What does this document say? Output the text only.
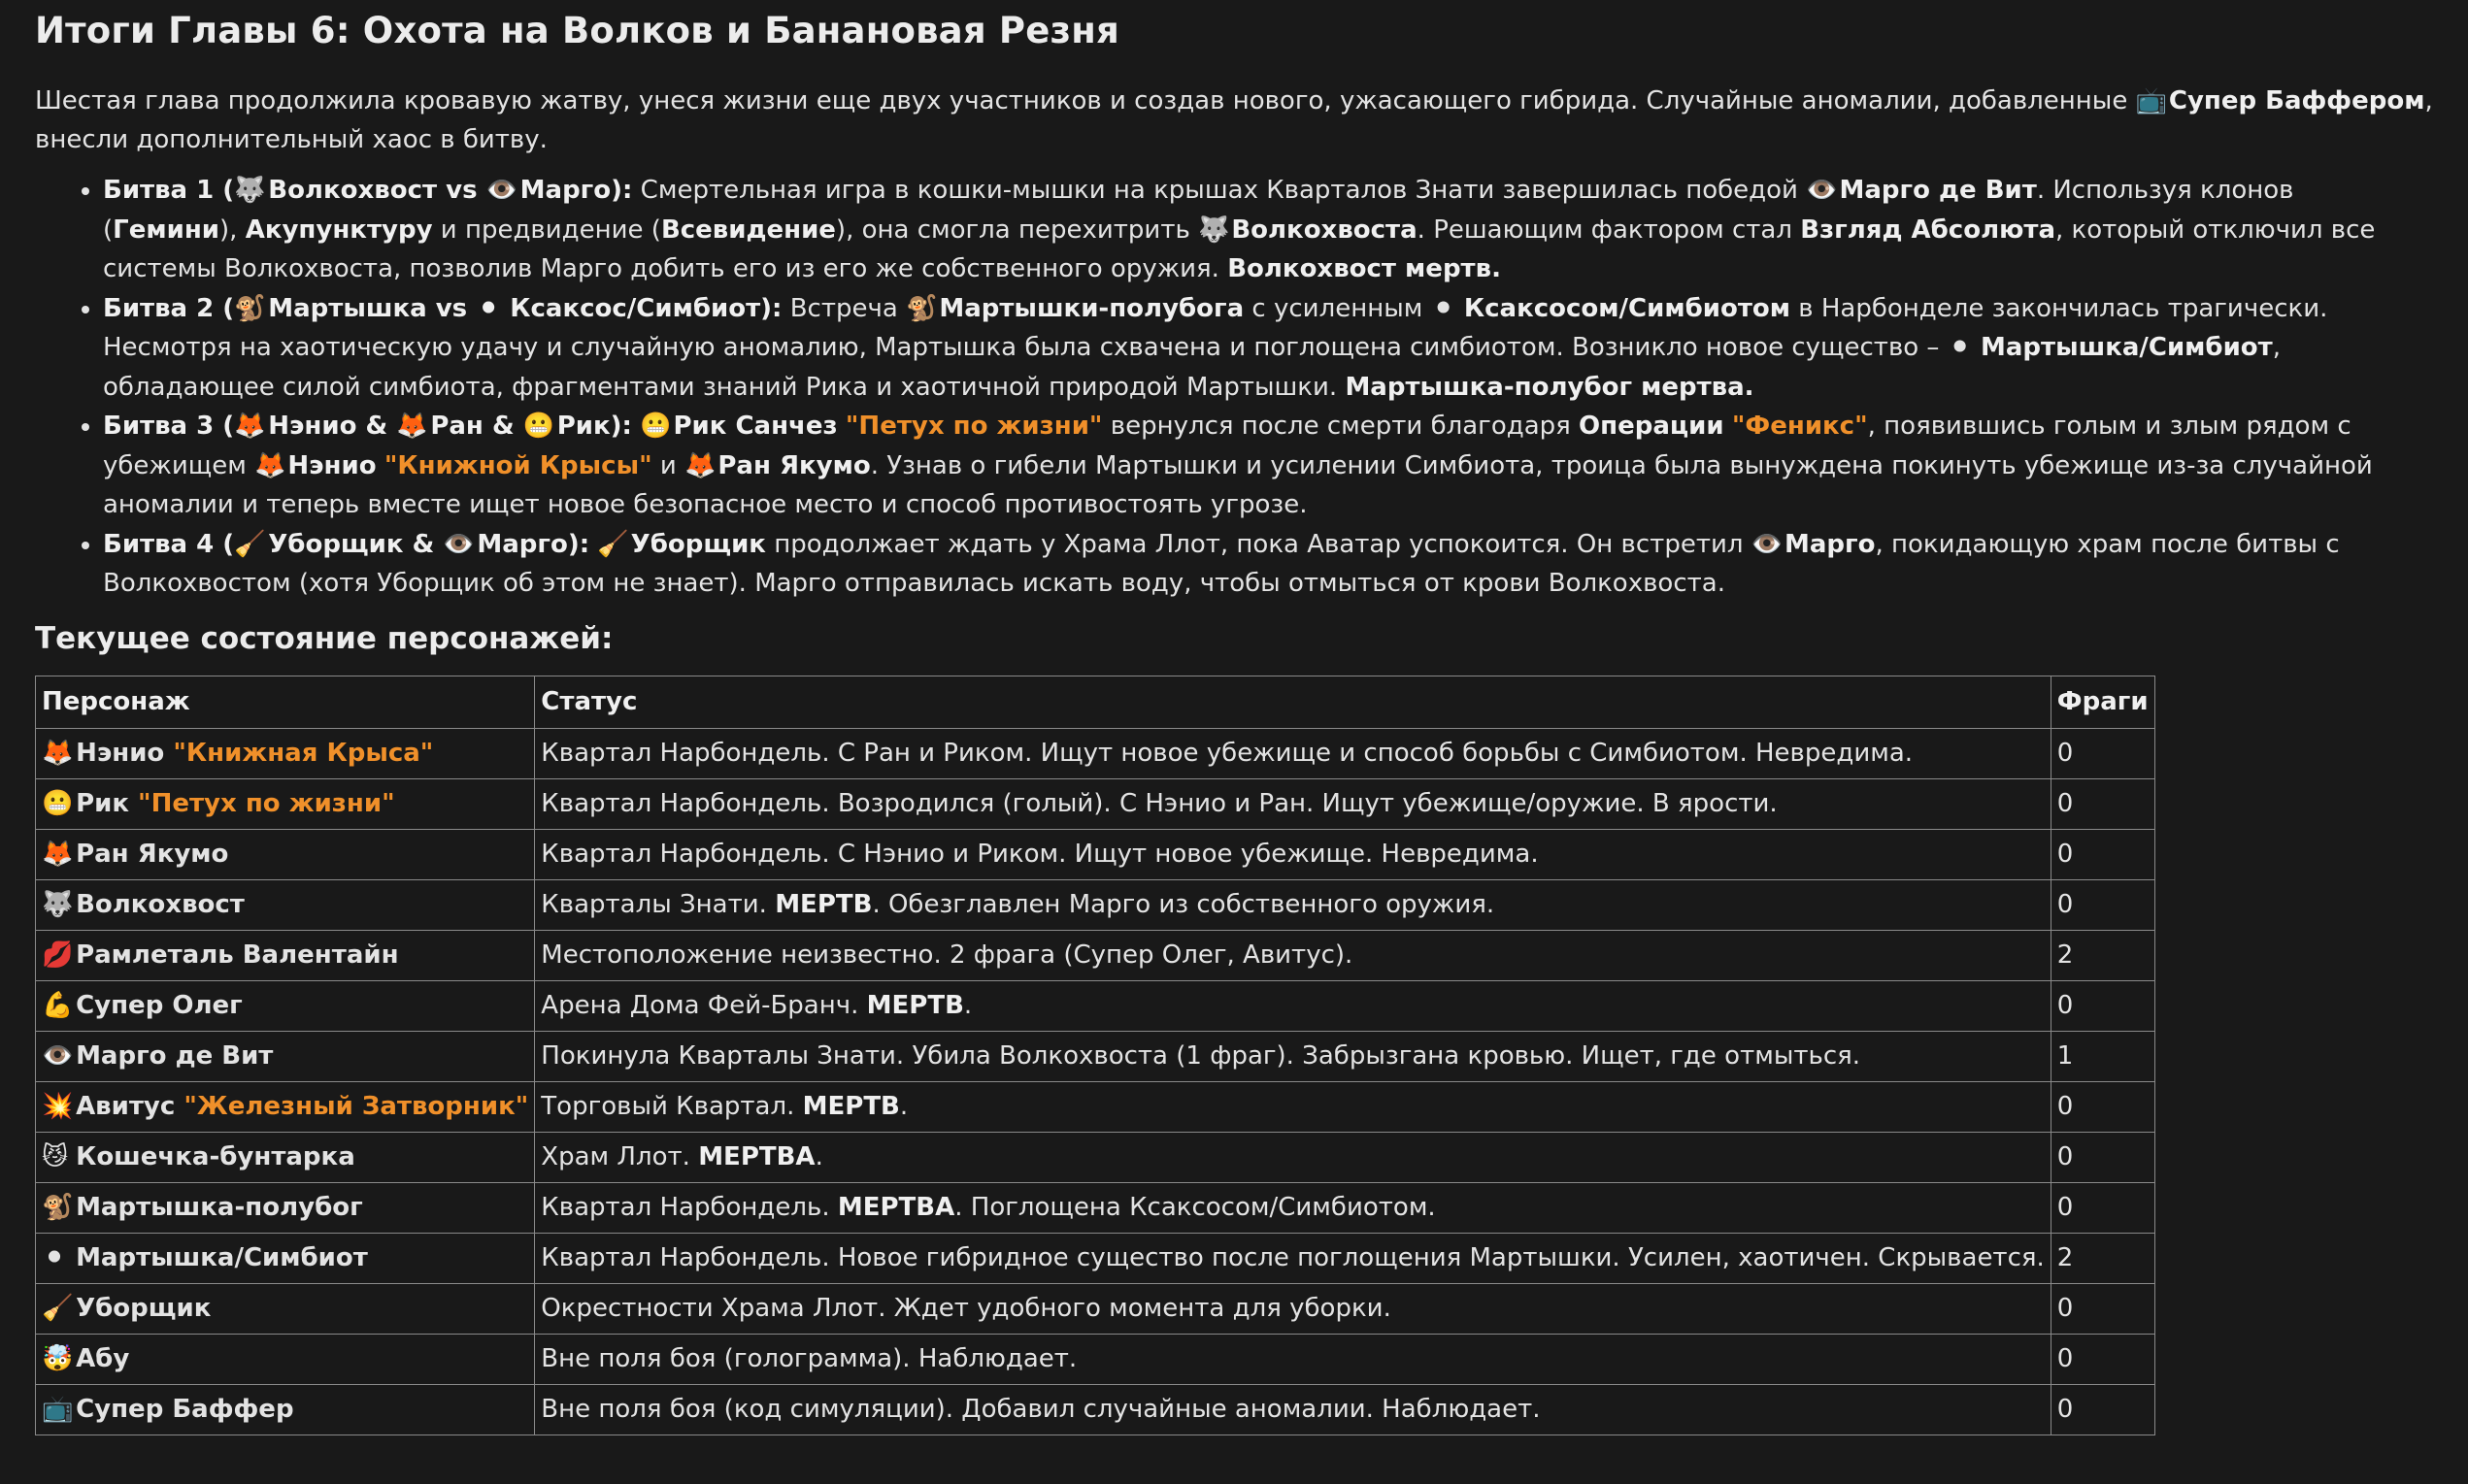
Итоги Главы 6: Охота на Волков и Банановая Резня

Шестая глава продолжила кровавую жатву, унеся жизни еще двух участников и создав нового, ужасающего гибрида. Случайные аномалии, добавленные 📺 Супер Баффером, внесли дополнительный хаос в битву.

• Битва 1 (🐺 Волкохвост vs 👁️ Марго): Смертельная игра в кошки-мышки на крышах Кварталов Знати завершилась победой 👁️ Марго де Вит. Используя клонов (Гемини), Акупунктуру и предвидение (Всевидение), она смогла перехитрить 🐺 Волкохвоста. Решающим фактором стал Взгляд Абсолюта, который отключил все системы Волкохвоста, позволив Марго добить его из его же собственного оружия. Волкохвост мертв.
• Битва 2 (🐒 Мартышка vs ⚫ Ксаксос/Симбиот): Встреча 🐒 Мартышки-полубога с усиленным ⚫ Ксаксосом/Симбиотом в Нарбонделе закончилась трагически. Несмотря на хаотическую удачу и случайную аномалию, Мартышка была схвачена и поглощена симбиотом. Возникло новое существо – ⚫ Мартышка/Симбиот, обладающее силой симбиота, фрагментами знаний Рика и хаотичной природой Мартышки. Мартышка-полубог мертва.
• Битва 3 (🦊 Нэнио & 🦊 Ран & 😬 Рик): 😬 Рик Санчез "Петух по жизни" вернулся после смерти благодаря Операции "Феникс", появившись голым и злым рядом с убежищем 🦊 Нэнио "Книжной Крысы" и 🦊 Ран Якумо. Узнав о гибели Мартышки и усилении Симбиота, троица была вынуждена покинуть убежище из-за случайной аномалии и теперь вместе ищет новое безопасное место и способ противостоять угрозе.
• Битва 4 (🧹 Уборщик & 👁️ Марго): 🧹 Уборщик продолжает ждать у Храма Ллот, пока Аватар успокоится. Он встретил 👁️ Марго, покидающую храм после битвы с Волкохвостом (хотя Уборщик об этом не знает). Марго отправилась искать воду, чтобы отмыться от крови Волкохвоста.
Текущее состояние персонажей:
Персонаж	Статус	Фраги
🦊 Нэнио "Книжная Крыса"	Квартал Нарбондель. С Ран и Риком. Ищут новое убежище и способ борьбы с Симбиотом. Невредима.	0
😬 Рик "Петух по жизни"	Квартал Нарбондель. Возродился (голый). С Нэнио и Ран. Ищут убежище/оружие. В ярости.	0
🦊 Ран Якумо	Квартал Нарбондель. С Нэнио и Риком. Ищут новое убежище. Невредима.	0
🐺 Волкохвост	Кварталы Знати. МЕРТВ. Обезглавлен Марго из собственного оружия.	0
💋 Рамлеталь Валентайн	Местоположение неизвестно. 2 фрага (Супер Олег, Авитус).	2
💪 Супер Олег	Арена Дома Фей-Бранч. МЕРТВ.	0
👁️ Марго де Вит	Покинула Кварталы Знати. Убила Волкохвоста (1 фраг). Забрызгана кровью. Ищет, где отмыться.	1
💥 Авитус "Железный Затворник"	Торговый Квартал. МЕРТВ.	0
😼 Кошечка-бунтарка	Храм Ллот. МЕРТВА.	0
🐒 Мартышка-полубог	Квартал Нарбондель. МЕРТВА. Поглощена Ксаксосом/Симбиотом.	0
⚫ Мартышка/Симбиот	Квартал Нарбондель. Новое гибридное существо после поглощения Мартышки. Усилен, хаотичен. Скрывается.	2
🧹 Уборщик	Окрестности Храма Ллот. Ждет удобного момента для уборки.	0
🤯 Абу	Вне поля боя (голограмма). Наблюдает.	0
📺 Супер Баффер	Вне поля боя (код симуляции). Добавил случайные аномалии. Наблюдает.	0
